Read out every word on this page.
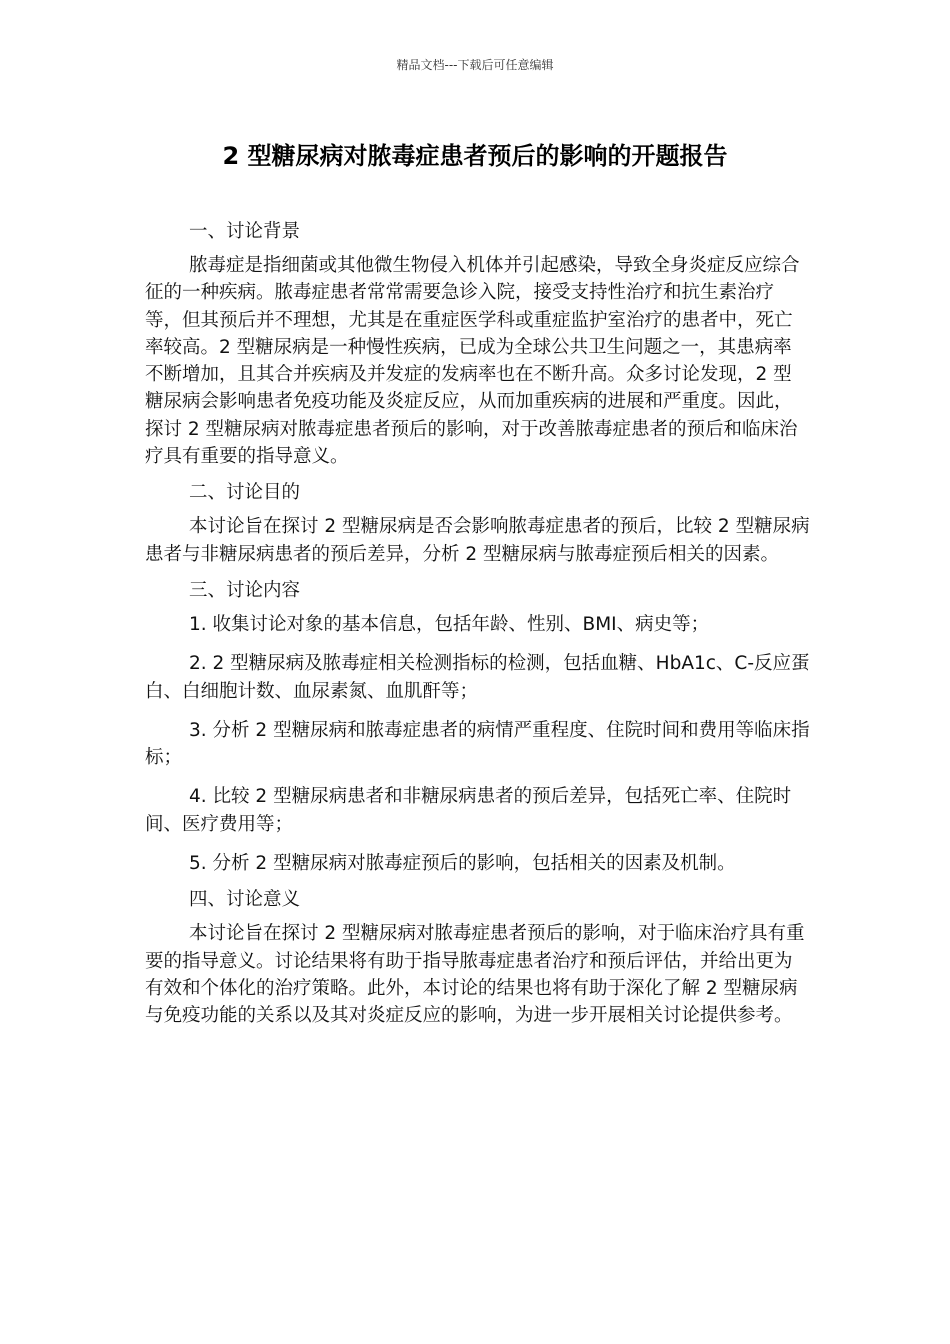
精品文档---下载后可任意编辑
2 型糖尿病对脓毒症患者预后的影响的开题报告
一、讨论背景

脓毒症是指细菌或其他微生物侵入机体并引起感染，导致全身炎症反应综合征的一种疾病。脓毒症患者常常需要急诊入院，接受支持性治疗和抗生素治疗等，但其预后并不理想，尤其是在重症医学科或重症监护室治疗的患者中，死亡率较高。2 型糖尿病是一种慢性疾病，已成为全球公共卫生问题之一，其患病率不断增加，且其合并疾病及并发症的发病率也在不断升高。众多讨论发现，2 型糖尿病会影响患者免疫功能及炎症反应，从而加重疾病的进展和严重度。因此，探讨 2 型糖尿病对脓毒症患者预后的影响，对于改善脓毒症患者的预后和临床治疗具有重要的指导意义。

二、讨论目的

本讨论旨在探讨 2 型糖尿病是否会影响脓毒症患者的预后，比较 2 型糖尿病患者与非糖尿病患者的预后差异，分析 2 型糖尿病与脓毒症预后相关的因素。

三、讨论内容

1. 收集讨论对象的基本信息，包括年龄、性别、BMI、病史等；

2. 2 型糖尿病及脓毒症相关检测指标的检测，包括血糖、HbA1c、C-反应蛋白、白细胞计数、血尿素氮、血肌酐等；

3. 分析 2 型糖尿病和脓毒症患者的病情严重程度、住院时间和费用等临床指标；

4. 比较 2 型糖尿病患者和非糖尿病患者的预后差异，包括死亡率、住院时间、医疗费用等；

5. 分析 2 型糖尿病对脓毒症预后的影响，包括相关的因素及机制。

四、讨论意义

本讨论旨在探讨 2 型糖尿病对脓毒症患者预后的影响，对于临床治疗具有重要的指导意义。讨论结果将有助于指导脓毒症患者治疗和预后评估，并给出更为有效和个体化的治疗策略。此外，本讨论的结果也将有助于深化了解 2 型糖尿病与免疫功能的关系以及其对炎症反应的影响，为进一步开展相关讨论提供参考。
